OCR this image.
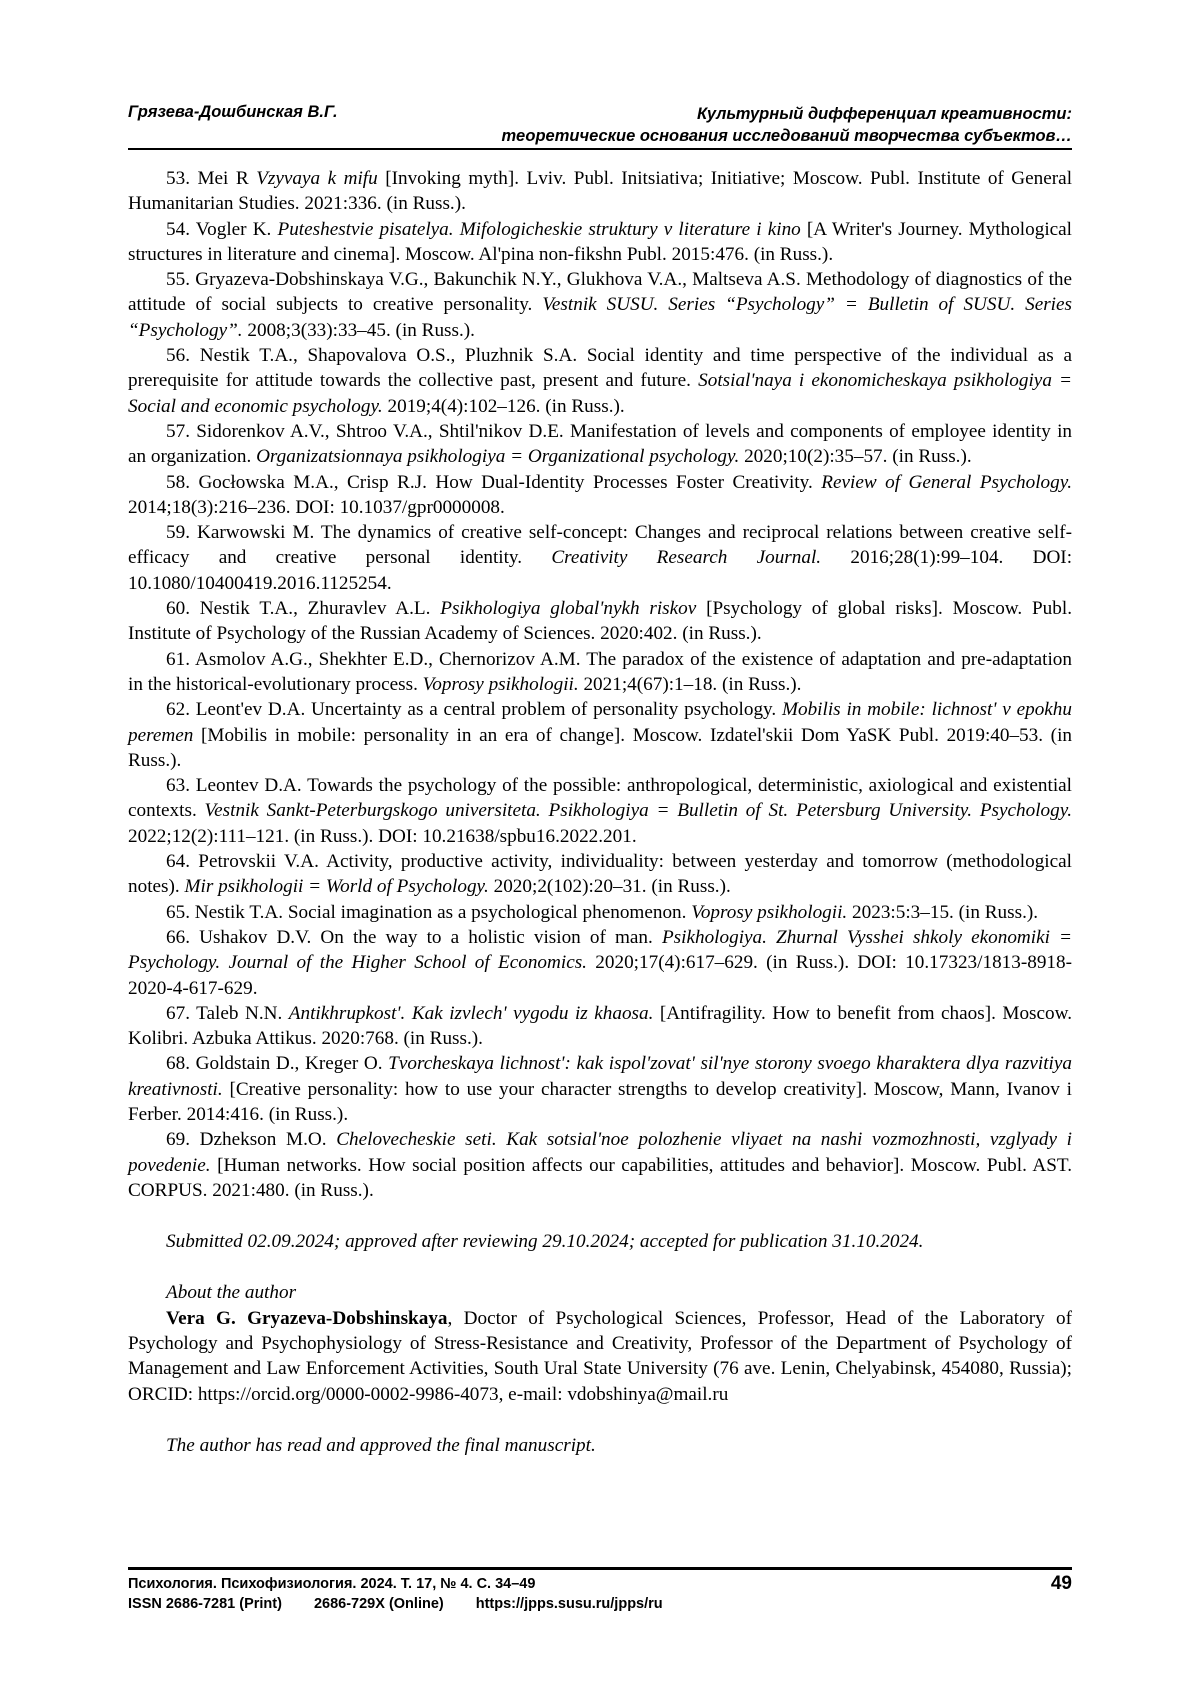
Грязева-Дошбинская В.Г.	Культурный дифференциал креативности:
теоретические основания исследований творчества субъектов…

53. Mei R Vzyvaya k mifu [Invoking myth]. Lviv. Publ. Initsiativa; Initiative; Moscow. Publ. Institute of General Humanitarian Studies. 2021:336. (in Russ.).

54. Vogler K. Puteshestvie pisatelya. Mifologicheskie struktury v literature i kino [A Writer's Journey. Mythological structures in literature and cinema]. Moscow. Al'pina non-fikshn Publ. 2015:476. (in Russ.).

55. Gryazeva-Dobshinskaya V.G., Bakunchik N.Y., Glukhova V.A., Maltseva A.S. Methodology of diagnostics of the attitude of social subjects to creative personality. Vestnik SUSU. Series “Psychology” = Bulletin of SUSU. Series “Psychology”. 2008;3(33):33–45. (in Russ.).

56. Nestik T.A., Shapovalova O.S., Pluzhnik S.A. Social identity and time perspective of the individual as a prerequisite for attitude towards the collective past, present and future. Sotsial'naya i ekonomicheskaya psikhologiya = Social and economic psychology. 2019;4(4):102–126. (in Russ.).

57. Sidorenkov A.V., Shtroo V.A., Shtil'nikov D.E. Manifestation of levels and components of employee identity in an organization. Organizatsionnaya psikhologiya = Organizational psychology. 2020;10(2):35–57. (in Russ.).

58. Gocłowska M.A., Crisp R.J. How Dual-Identity Processes Foster Creativity. Review of General Psychology. 2014;18(3):216–236. DOI: 10.1037/gpr0000008.

59. Karwowski M. The dynamics of creative self-concept: Changes and reciprocal relations between creative self-efficacy and creative personal identity. Creativity Research Journal. 2016;28(1):99–104. DOI: 10.1080/10400419.2016.1125254.

60. Nestik T.A., Zhuravlev A.L. Psikhologiya global'nykh riskov [Psychology of global risks]. Moscow. Publ. Institute of Psychology of the Russian Academy of Sciences. 2020:402. (in Russ.).

61. Asmolov A.G., Shekhter E.D., Chernorizov A.M. The paradox of the existence of adaptation and pre-adaptation in the historical-evolutionary process. Voprosy psikhologii. 2021;4(67):1–18. (in Russ.).

62. Leont'ev D.A. Uncertainty as a central problem of personality psychology. Mobilis in mobile: lichnost' v epokhu peremen [Mobilis in mobile: personality in an era of change]. Moscow. Izdatel'skii Dom YaSK Publ. 2019:40–53. (in Russ.).

63. Leontev D.A. Towards the psychology of the possible: anthropological, deterministic, axiological and existential contexts. Vestnik Sankt-Peterburgskogo universiteta. Psikhologiya = Bulletin of St. Petersburg University. Psychology. 2022;12(2):111–121. (in Russ.). DOI: 10.21638/spbu16.2022.201.

64. Petrovskii V.A. Activity, productive activity, individuality: between yesterday and tomorrow (methodological notes). Mir psikhologii = World of Psychology. 2020;2(102):20–31. (in Russ.).

65. Nestik T.A. Social imagination as a psychological phenomenon. Voprosy psikhologii. 2023:5:3–15. (in Russ.).

66. Ushakov D.V. On the way to a holistic vision of man. Psikhologiya. Zhurnal Vysshei shkoly ekonomiki = Psychology. Journal of the Higher School of Economics. 2020;17(4):617–629. (in Russ.). DOI: 10.17323/1813-8918-2020-4-617-629.

67. Taleb N.N. Antikhrupkost'. Kak izvlech' vygodu iz khaosa. [Antifragility. How to benefit from chaos]. Moscow. Kolibri. Azbuka Attikus. 2020:768. (in Russ.).

68. Goldstain D., Kreger O. Tvorcheskaya lichnost': kak ispol'zovat' sil'nye storony svoego kharaktera dlya razvitiya kreativnosti. [Creative personality: how to use your character strengths to develop creativity]. Moscow, Mann, Ivanov i Ferber. 2014:416. (in Russ.).

69. Dzhekson M.O. Chelovecheskie seti. Kak sotsial'noe polozhenie vliyaet na nashi vozmozhnosti, vzglyady i povedenie. [Human networks. How social position affects our capabilities, attitudes and behavior]. Moscow. Publ. AST. CORPUS. 2021:480. (in Russ.).

Submitted 02.09.2024; approved after reviewing 29.10.2024; accepted for publication 31.10.2024.

About the author

Vera G. Gryazeva-Dobshinskaya, Doctor of Psychological Sciences, Professor, Head of the Laboratory of Psychology and Psychophysiology of Stress-Resistance and Creativity, Professor of the Department of Psychology of Management and Law Enforcement Activities, South Ural State University (76 ave. Lenin, Chelyabinsk, 454080, Russia); ORCID: https://orcid.org/0000-0002-9986-4073, e-mail: vdobshinya@mail.ru

The author has read and approved the final manuscript.

Психология. Психофизиология. 2024. Т. 17, № 4. С. 34–49
ISSN 2686-7281 (Print) 2686-729X (Online) https://jpps.susu.ru/jpps/ru
49
